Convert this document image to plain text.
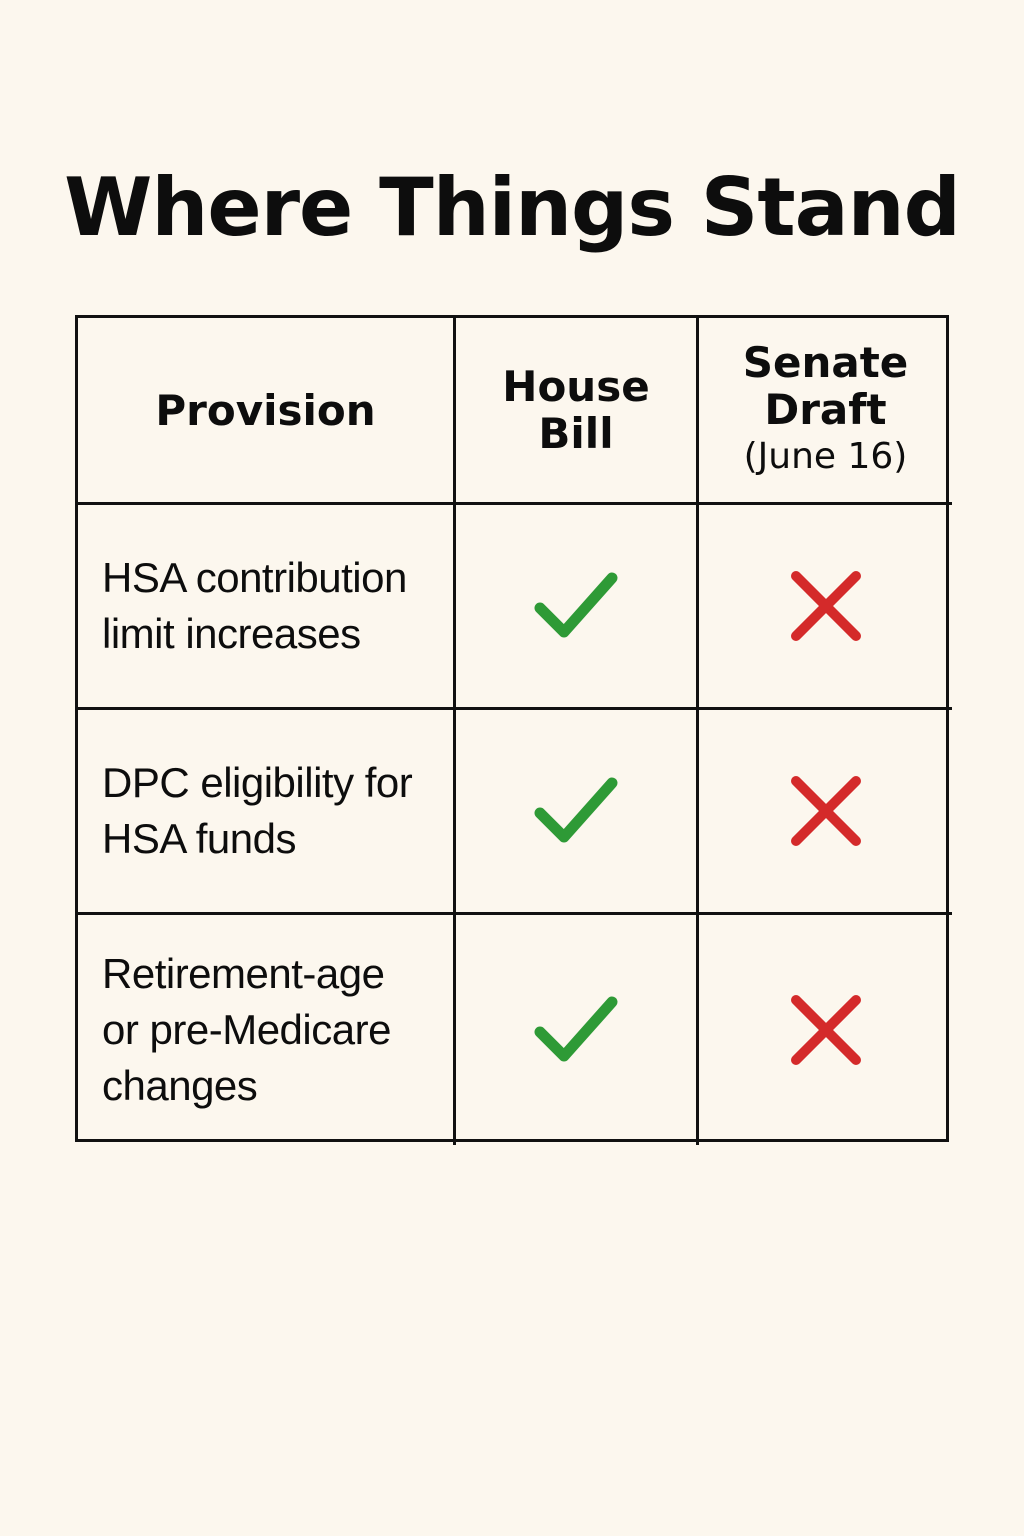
Where Things Stand
Provision	House
Bill
Senate
Draft
(June 16)
HSA contribution
limit increases
DPC eligibility for
HSA funds
Retirement-age
or pre-Medicare
changes
